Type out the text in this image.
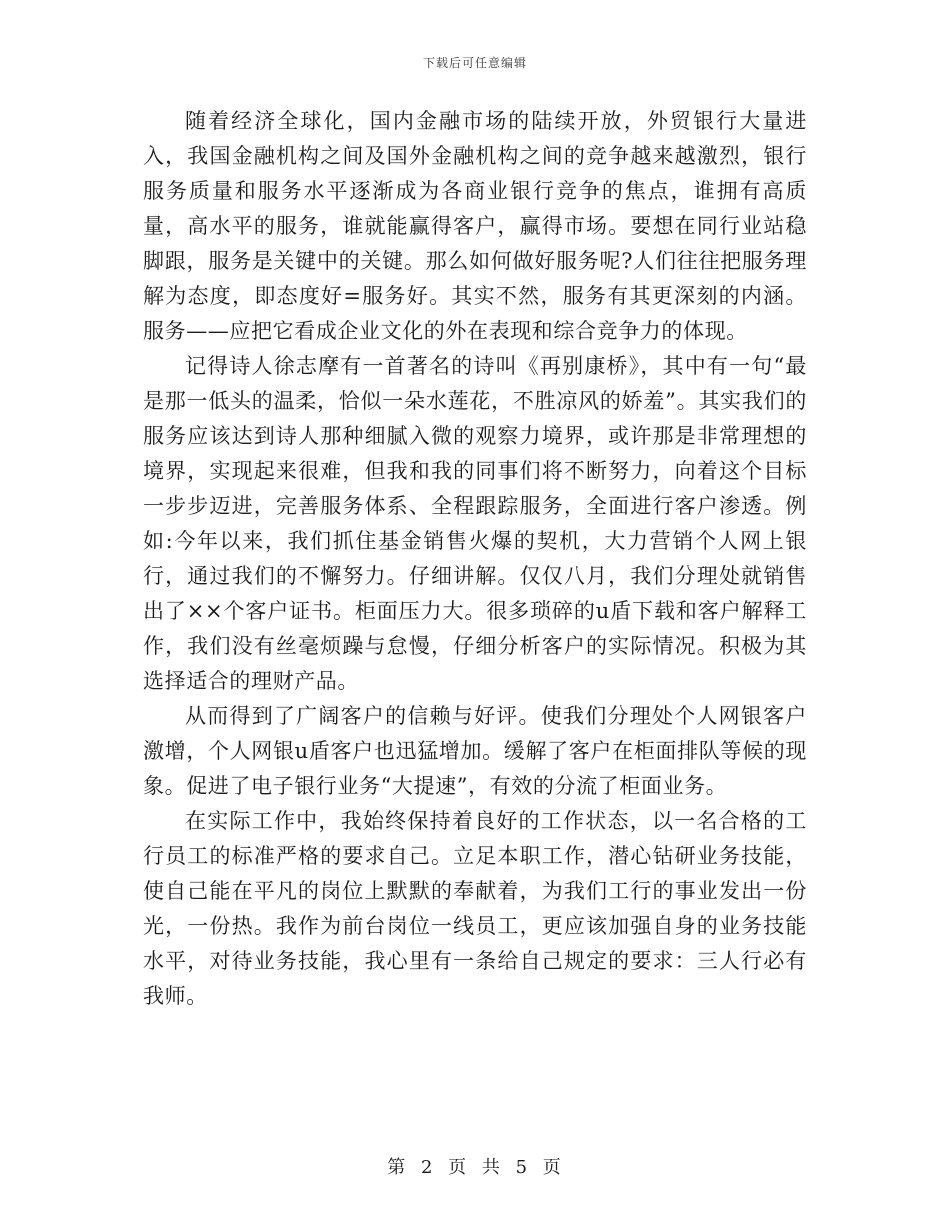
下载后可任意编辑

随着经济全球化，国内金融市场的陆续开放，外贸银行大量进入，我国金融机构之间及国外金融机构之间的竞争越来越激烈，银行服务质量和服务水平逐渐成为各商业银行竞争的焦点，谁拥有高质量，高水平的服务，谁就能赢得客户，赢得市场。要想在同行业站稳脚跟，服务是关键中的关键。那么如何做好服务呢?人们往往把服务理解为态度，即态度好=服务好。其实不然，服务有其更深刻的内涵。服务——应把它看成企业文化的外在表现和综合竞争力的体现。

记得诗人徐志摩有一首著名的诗叫《再别康桥》，其中有一句“最是那一低头的温柔，恰似一朵水莲花，不胜凉风的娇羞”。其实我们的服务应该达到诗人那种细腻入微的观察力境界，或许那是非常理想的境界，实现起来很难，但我和我的同事们将不断努力，向着这个目标一步步迈进，完善服务体系、全程跟踪服务，全面进行客户渗透。例如:今年以来，我们抓住基金销售火爆的契机，大力营销个人网上银行，通过我们的不懈努力。仔细讲解。仅仅八月，我们分理处就销售出了××个客户证书。柜面压力大。很多琐碎的u盾下载和客户解释工作，我们没有丝毫烦躁与怠慢，仔细分析客户的实际情况。积极为其选择适合的理财产品。

从而得到了广阔客户的信赖与好评。使我们分理处个人网银客户激增，个人网银u盾客户也迅猛增加。缓解了客户在柜面排队等候的现象。促进了电子银行业务“大提速”，有效的分流了柜面业务。

在实际工作中，我始终保持着良好的工作状态，以一名合格的工行员工的标准严格的要求自己。立足本职工作，潜心钻研业务技能，使自己能在平凡的岗位上默默的奉献着，为我们工行的事业发出一份光，一份热。我作为前台岗位一线员工，更应该加强自身的业务技能水平，对待业务技能，我心里有一条给自己规定的要求：三人行必有我师。

第 2 页 共 5 页
